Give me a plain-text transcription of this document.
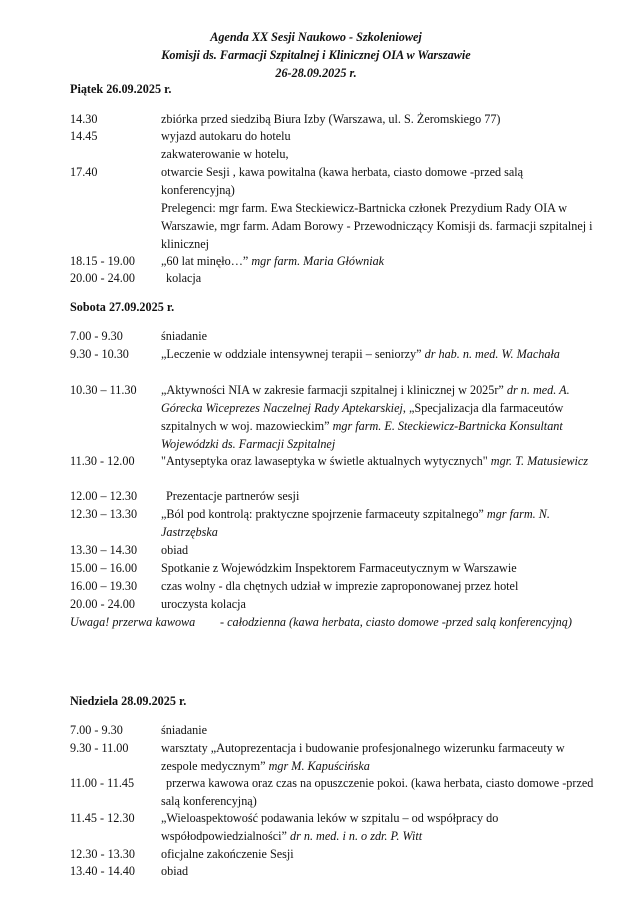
Agenda XX Sesji Naukowo - Szkoleniowej
Komisji ds. Farmacji Szpitalnej i Klinicznej OIA w Warszawie
26-28.09.2025 r.
Piątek 26.09.2025 r.
14.30	zbiórka przed siedzibą Biura Izby (Warszawa, ul. S. Żeromskiego 77)
14.45	wyjazd autokaru do hotelu
zakwaterowanie w hotelu,
17.40	otwarcie Sesji , kawa powitalna (kawa herbata, ciasto domowe -przed salą konferencyjną)
Prelegenci: mgr farm. Ewa Steckiewicz-Bartnicka członek Prezydium Rady OIA w Warszawie, mgr farm. Adam Borowy - Przewodniczący Komisji ds. farmacji szpitalnej i klinicznej
18.15 - 19.00 „60 lat minęło…” mgr farm. Maria Główniak
20.00 - 24.00	kolacja
Sobota 27.09.2025 r.
7.00 - 9.30	śniadanie
9.30 - 10.30	„Leczenie w oddziale intensywnej terapii – seniorzy” dr hab. n. med. W. Machała
10.30 – 11.30 „Aktywności NIA w zakresie farmacji szpitalnej i klinicznej w 2025r” dr n. med. A. Górecka Wiceprezes Naczelnej Rady Aptekarskiej, „Specjalizacja dla farmaceutów szpitalnych w woj. mazowieckim” mgr farm. E. Steckiewicz-Bartnicka Konsultant Wojewódzki ds. Farmacji Szpitalnej
11.30 - 12.00 "Antyseptyka oraz lawaseptyka w świetle aktualnych wytycznych" mgr. T. Matusiewicz
12.00 – 12.30	Prezentacje partnerów sesji
12.30 – 13.30 „Ból pod kontrolą: praktyczne spojrzenie farmaceuty szpitalnego” mgr farm. N. Jastrzębska
13.30 – 14.30 obiad
15.00 – 16.00 Spotkanie z Wojewódzkim Inspektorem Farmaceutycznym w Warszawie
16.00 – 19.30 czas wolny - dla chętnych udział w imprezie zaproponowanej przez hotel
20.00 - 24.00 uroczysta kolacja
Uwaga! przerwa kawowa - całodzienna (kawa herbata, ciasto domowe -przed salą konferencyjną)
Niedziela 28.09.2025 r.
7.00 - 9.30	śniadanie
9.30 - 11.00	warsztaty „Autoprezentacja i budowanie profesjonalnego wizerunku farmaceuty w zespole medycznym” mgr M. Kapuścińska
11.00 - 11.45	przerwa kawowa oraz czas na opuszczenie pokoi. (kawa herbata, ciasto domowe -przed salą konferencyjną)
11.45 - 12.30 „Wieloaspektowość podawania leków w szpitalu – od współpracy do współodpowiedzialności” dr n. med. i n. o zdr. P. Witt
12.30 - 13.30 oficjalne zakończenie Sesji
13.40 - 14.40 obiad
